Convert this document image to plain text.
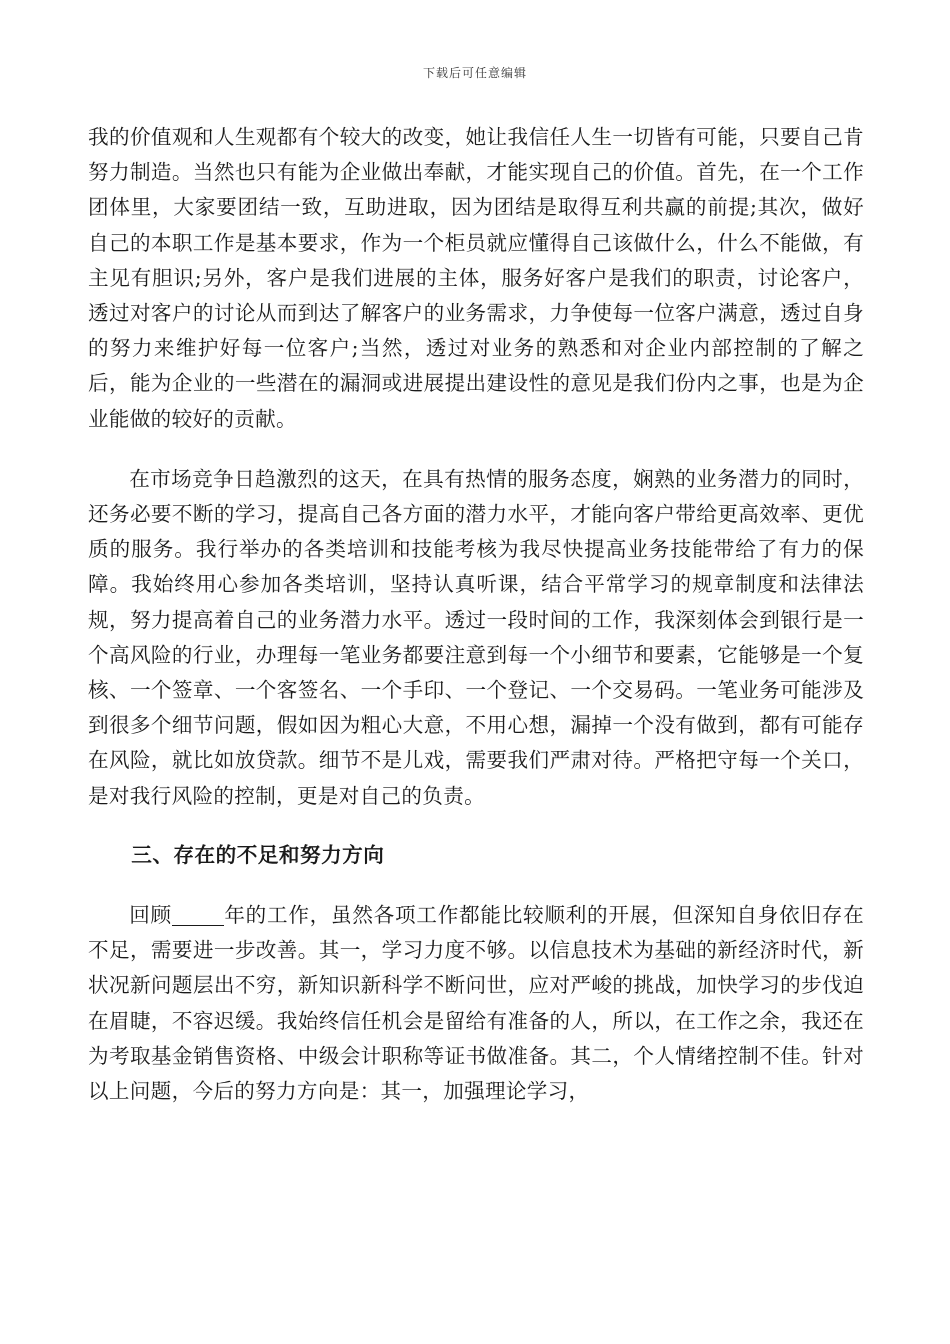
下载后可任意编辑

我的价值观和人生观都有个较大的改变，她让我信任人生一切皆有可能，只要自己肯努力制造。当然也只有能为企业做出奉献，才能实现自己的价值。首先，在一个工作团体里，大家要团结一致，互助进取，因为团结是取得互利共赢的前提;其次，做好自己的本职工作是基本要求，作为一个柜员就应懂得自己该做什么，什么不能做，有主见有胆识;另外，客户是我们进展的主体，服务好客户是我们的职责，讨论客户，透过对客户的讨论从而到达了解客户的业务需求，力争使每一位客户满意，透过自身的努力来维护好每一位客户;当然，透过对业务的熟悉和对企业内部控制的了解之后，能为企业的一些潜在的漏洞或进展提出建设性的意见是我们份内之事，也是为企业能做的较好的贡献。

在市场竞争日趋激烈的这天，在具有热情的服务态度，娴熟的业务潜力的同时，还务必要不断的学习，提高自己各方面的潜力水平，才能向客户带给更高效率、更优质的服务。我行举办的各类培训和技能考核为我尽快提高业务技能带给了有力的保障。我始终用心参加各类培训，坚持认真听课，结合平常学习的规章制度和法律法规，努力提高着自己的业务潜力水平。透过一段时间的工作，我深刻体会到银行是一个高风险的行业，办理每一笔业务都要注意到每一个小细节和要素，它能够是一个复核、一个签章、一个客签名、一个手印、一个登记、一个交易码。一笔业务可能涉及到很多个细节问题，假如因为粗心大意，不用心想，漏掉一个没有做到，都有可能存在风险，就比如放贷款。细节不是儿戏，需要我们严肃对待。严格把守每一个关口，是对我行风险的控制，更是对自己的负责。

三、存在的不足和努力方向

回顾	年的工作，虽然各项工作都能比较顺利的开展，但深知自身依旧存在不足，需要进一步改善。其一，学习力度不够。以信息技术为基础的新经济时代，新状况新问题层出不穷，新知识新科学不断问世，应对严峻的挑战，加快学习的步伐迫在眉睫，不容迟缓。我始终信任机会是留给有准备的人，所以，在工作之余，我还在为考取基金销售资格、中级会计职称等证书做准备。其二，个人情绪控制不佳。针对以上问题，今后的努力方向是：其一，加强理论学习，
